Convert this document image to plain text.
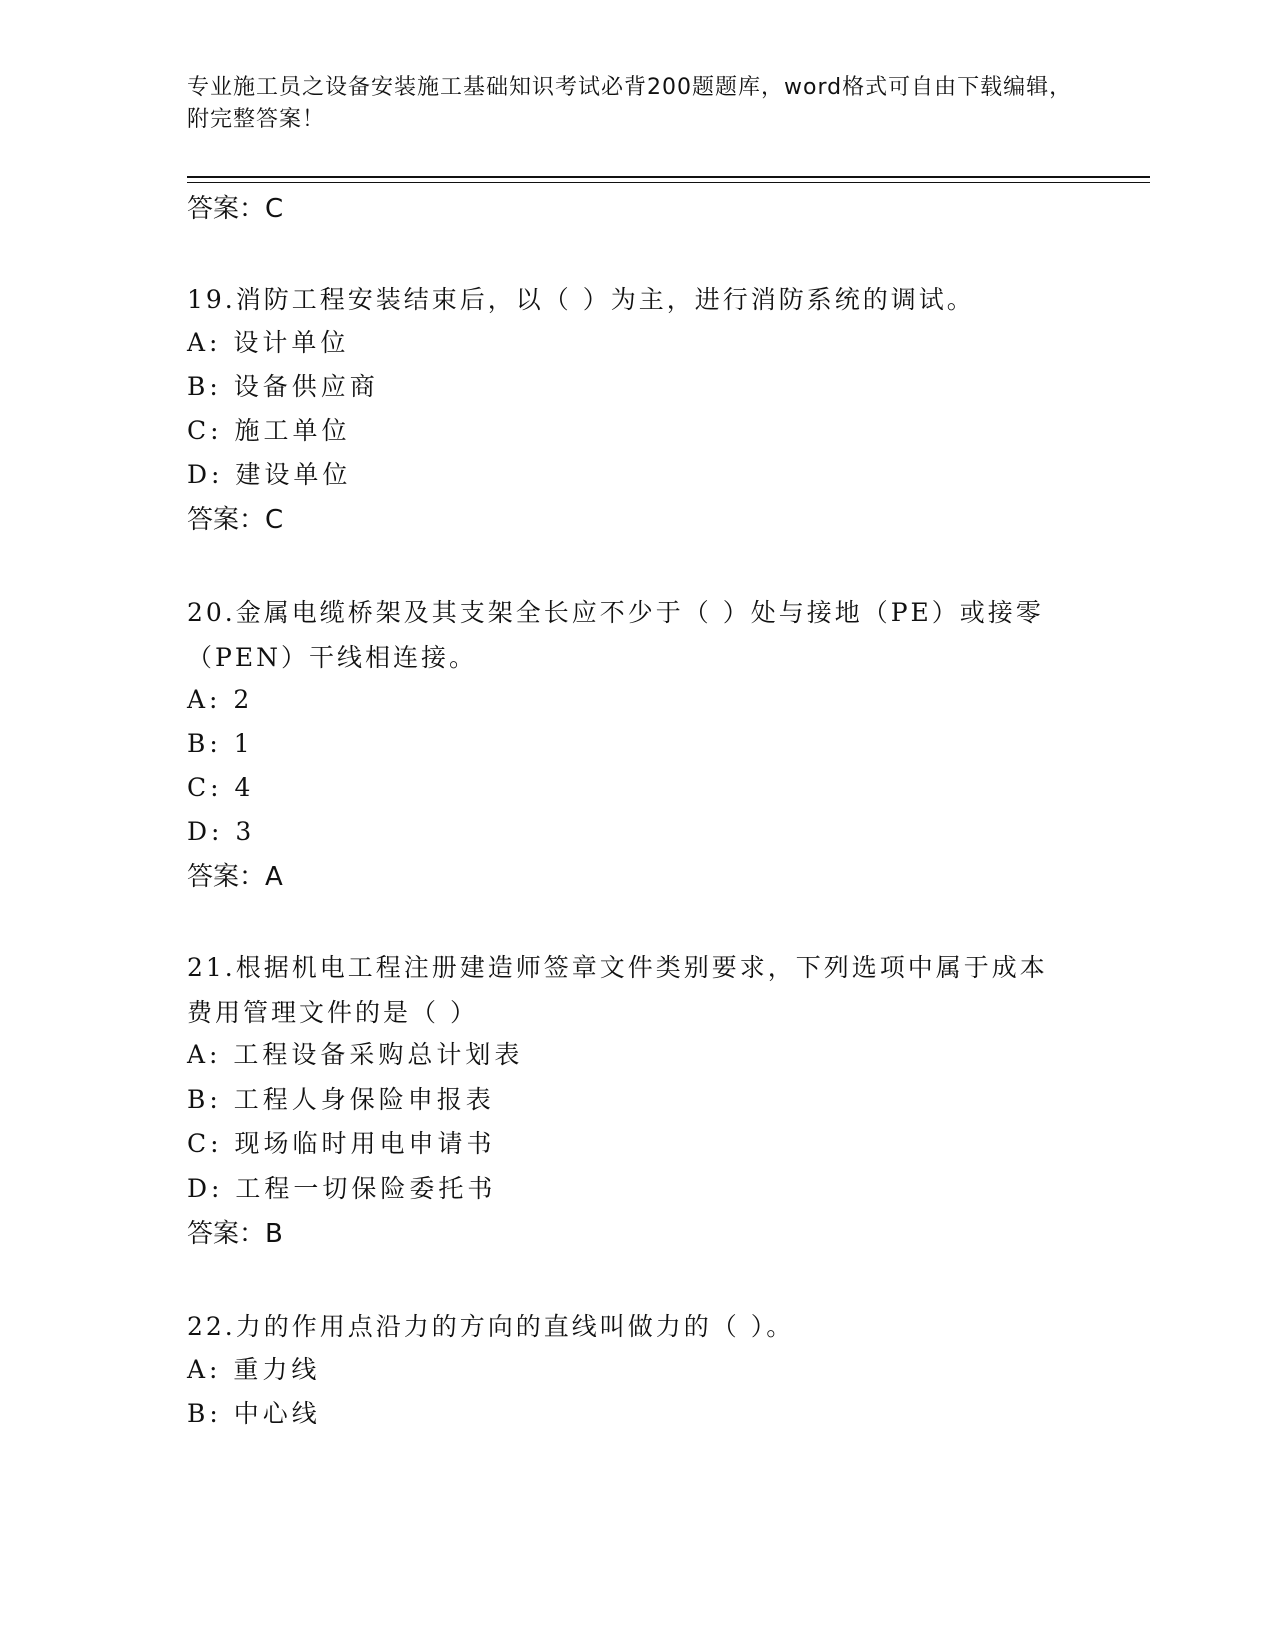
专业施工员之设备安装施工基础知识考试必背200题题库，word格式可自由下载编辑，附完整答案！
答案：C
19.消防工程安装结束后，以（ ）为主，进行消防系统的调试。
A: 设计单位
B: 设备供应商
C: 施工单位
D: 建设单位
答案：C
20.金属电缆桥架及其支架全长应不少于（ ）处与接地（PE）或接零（PEN）干线相连接。
A: 2
B: 1
C: 4
D: 3
答案：A
21.根据机电工程注册建造师签章文件类别要求，下列选项中属于成本费用管理文件的是（ ）
A: 工程设备采购总计划表
B: 工程人身保险申报表
C: 现场临时用电申请书
D: 工程一切保险委托书
答案：B
22.力的作用点沿力的方向的直线叫做力的（ ）。
A: 重力线
B: 中心线
